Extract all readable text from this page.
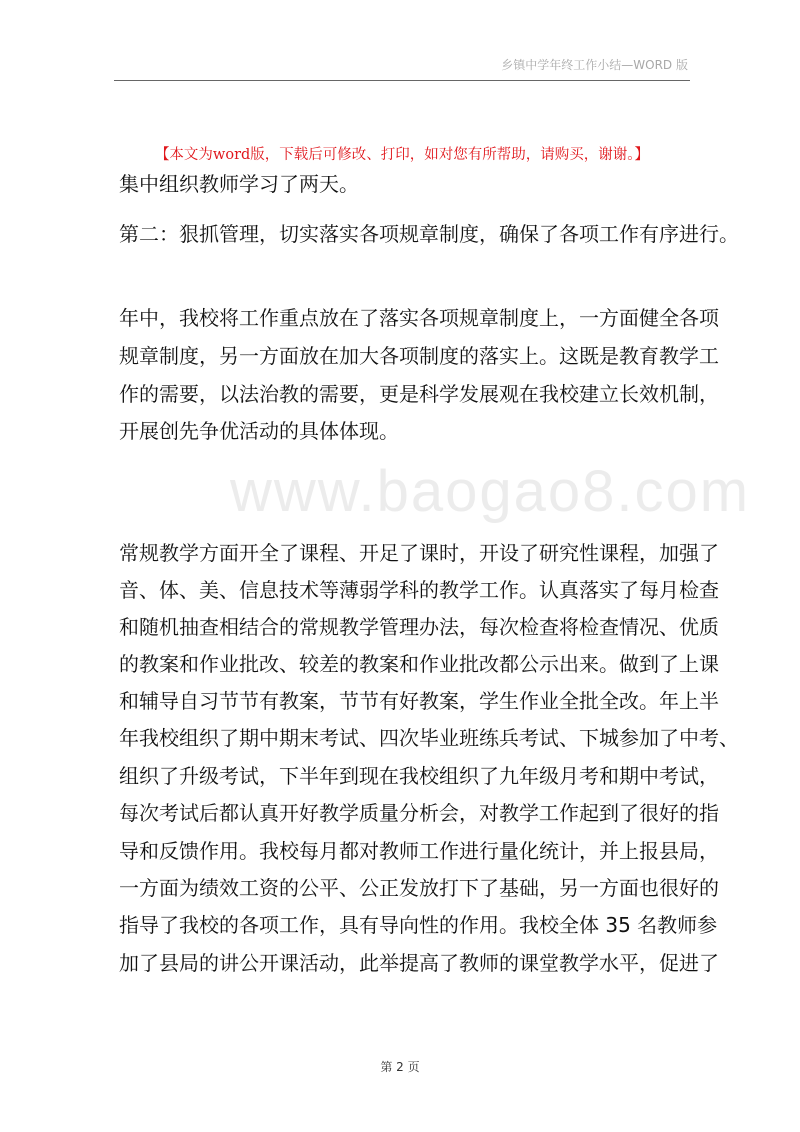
乡镇中学年终工作小结—WORD 版
www.baogao8.com
【本文为word版，下载后可修改、打印，如对您有所帮助，请购买，谢谢。】
集中组织教师学习了两天。
第二：狠抓管理，切实落实各项规章制度，确保了各项工作有序进行。
年中，我校将工作重点放在了落实各项规章制度上，一方面健全各项
规章制度，另一方面放在加大各项制度的落实上。这既是教育教学工
作的需要，以法治教的需要，更是科学发展观在我校建立长效机制，
开展创先争优活动的具体体现。
常规教学方面开全了课程、开足了课时，开设了研究性课程，加强了
音、体、美、信息技术等薄弱学科的教学工作。认真落实了每月检查
和随机抽查相结合的常规教学管理办法，每次检查将检查情况、优质
的教案和作业批改、较差的教案和作业批改都公示出来。做到了上课
和辅导自习节节有教案，节节有好教案，学生作业全批全改。年上半
年我校组织了期中期末考试、四次毕业班练兵考试、下城参加了中考、
组织了升级考试，下半年到现在我校组织了九年级月考和期中考试，
每次考试后都认真开好教学质量分析会，对教学工作起到了很好的指
导和反馈作用。我校每月都对教师工作进行量化统计，并上报县局，
一方面为绩效工资的公平、公正发放打下了基础，另一方面也很好的
指导了我校的各项工作，具有导向性的作用。我校全体 35 名教师参
加了县局的讲公开课活动，此举提高了教师的课堂教学水平，促进了
第 2 页
